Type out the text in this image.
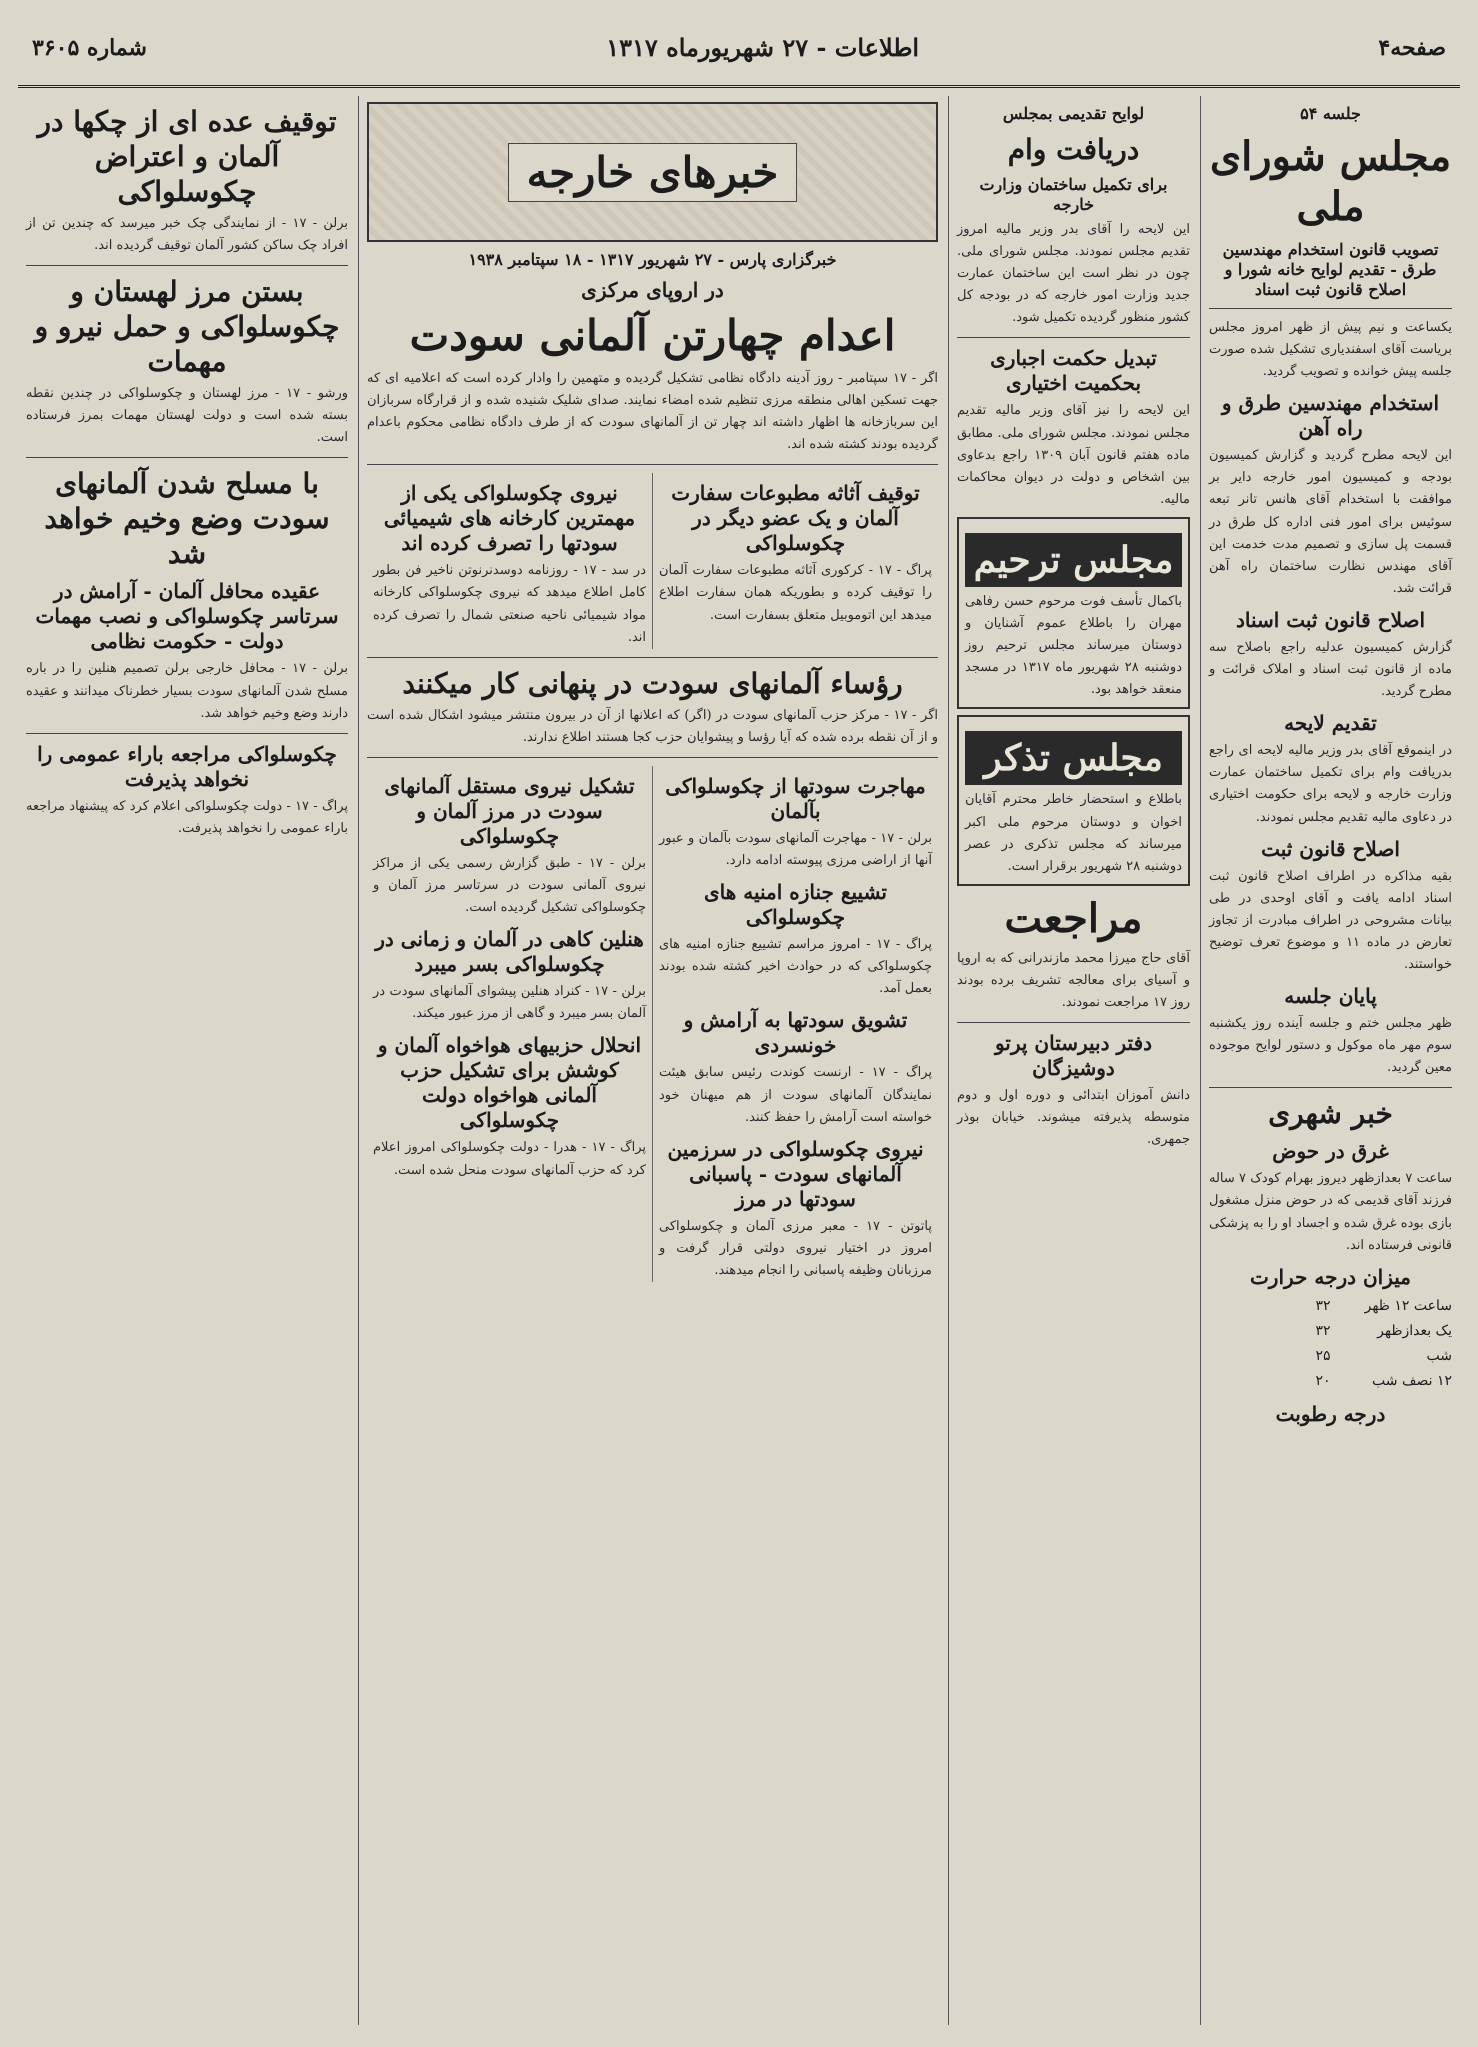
صفحه۴
اطلاعات - ۲۷ شهریورماه ۱۳۱۷
شماره ۳۶۰۵
جلسه ۵۴
مجلس شورای ملی
تصویب قانون استخدام مهندسین طرق - تقدیم لوایح خانه شورا و اصلاح قانون ثبت اسناد
یکساعت و نیم پیش از ظهر امروز مجلس بریاست آقای اسفندیاری تشکیل شده صورت جلسه پیش خوانده و تصویب گردید.
استخدام مهندسین طرق و راه آهن
این لایحه مطرح گردید و گزارش کمیسیون بودجه و کمیسیون امور خارجه دایر بر موافقت با استخدام آقای هانس تانر تبعه سوئیس برای امور فنی اداره کل طرق در قسمت پل سازی و تصمیم مدت خدمت این آقای مهندس نظارت ساختمان راه آهن قرائت شد.
اصلاح قانون ثبت اسناد
گزارش کمیسیون عدلیه راجع باصلاح سه ماده از قانون ثبت اسناد و املاک قرائت و مطرح گردید.
تقدیم لایحه
در اینموقع آقای بدر وزیر مالیه لایحه ای راجع بدریافت وام برای تکمیل ساختمان عمارت وزارت خارجه و لایحه برای حکومت اختیاری در دعاوی مالیه تقدیم مجلس نمودند.
اصلاح قانون ثبت
بقیه مذاکره در اطراف اصلاح قانون ثبت اسناد ادامه یافت و آقای اوحدی در طی بیانات مشروحی در اطراف مبادرت از تجاوز تعارض در ماده ۱۱ و موضوع تعرف توضیح خواستند.
پایان جلسه
ظهر مجلس ختم و جلسه آینده روز یکشنبه سوم مهر ماه موکول و دستور لوایح موجوده معین گردید.
خبر شهری
غرق در حوض
ساعت ۷ بعدازظهر دیروز بهرام کودک ۷ ساله فرزند آقای قدیمی که در حوض منزل مشغول بازی بوده غرق شده و اجساد او را به پزشکی قانونی فرستاده اند.
میزان درجه حرارت
ساعت ۱۲ ظهر
۳۲
یک بعدازظهر
۳۲
شب
۲۵
۱۲ نصف شب
۲۰
درجه رطوبت
لوایح تقدیمی بمجلس
دریافت وام
برای تکمیل ساختمان وزارت خارجه
این لایحه را آقای بدر وزیر مالیه امروز تقدیم مجلس نمودند. مجلس شورای ملی. چون در نظر است این ساختمان عمارت جدید وزارت امور خارجه که در بودجه کل کشور منظور گردیده تکمیل شود.
تبدیل حکمت اجباری بحکمیت اختیاری
این لایحه را نیز آقای وزیر مالیه تقدیم مجلس نمودند. مجلس شورای ملی. مطابق ماده هفتم قانون آبان ۱۳۰۹ راجع بدعاوی بین اشخاص و دولت در دیوان محاکمات مالیه.
مجلس ترحیم
باکمال تأسف فوت مرحوم حسن رفاهی مهران را باطلاع عموم آشنایان و دوستان میرساند مجلس ترحیم روز دوشنبه ۲۸ شهریور ماه ۱۳۱۷ در مسجد منعقد خواهد بود.
مجلس تذکر
باطلاع و استحضار خاطر محترم آقایان اخوان و دوستان مرحوم ملی اکبر میرساند که مجلس تذکری در عصر دوشنبه ۲۸ شهریور برقرار است.
مراجعت
آقای حاج میرزا محمد مازندرانی که به اروپا و آسیای برای معالجه تشریف برده بودند روز ۱۷ مراجعت نمودند.
دفتر دبیرستان پرتو دوشیزگان
دانش آموزان ابتدائی و دوره اول و دوم متوسطه پذیرفته میشوند. خیابان بوذر جمهری.
خبرهای خارجه
خبرگزاری پارس - ۲۷ شهریور ۱۳۱۷ - ۱۸ سپتامبر ۱۹۳۸
در اروپای مرکزی
اعدام چهارتن آلمانی سودت
اگر - ۱۷ سپتامبر - روز آدینه دادگاه نظامی تشکیل گردیده و متهمین را وادار کرده است که اعلامیه ای که جهت تسکین اهالی منطقه مرزی تنظیم شده امضاء نمایند. صدای شلیک شنیده شده و از قرارگاه سربازان این سربازخانه ها اظهار داشته اند چهار تن از آلمانهای سودت که از طرف دادگاه نظامی محکوم باعدام گردیده بودند کشته شده اند.
توقیف آثاثه مطبوعات سفارت آلمان و یک عضو دیگر در چکوسلواکی
پراگ - ۱۷ - کرکوری آثاثه مطبوعات سفارت آلمان را توقیف کرده و بطوریکه همان سفارت اطلاع میدهد این اتوموبیل متعلق بسفارت است.
نیروی چکوسلواکی یکی از مهمترین کارخانه های شیمیائی سودتها را تصرف کرده اند
در سد - ۱۷ - روزنامه دوسدنرنوتن ناخیر فن بطور کامل اطلاع میدهد که نیروی چکوسلواکی کارخانه مواد شیمیائی ناحیه صنعتی شمال را تصرف کرده اند.
رؤساء آلمانهای سودت در پنهانی کار میکنند
اگر - ۱۷ - مرکز حزب آلمانهای سودت در (اگر) که اعلانها از آن در بیرون منتشر میشود اشکال شده است و از آن نقطه برده شده که آیا رؤسا و پیشوایان حزب کجا هستند اطلاع ندارند.
مهاجرت سودتها از چکوسلواکی بآلمان
برلن - ۱۷ - مهاجرت آلمانهای سودت بآلمان و عبور آنها از اراضی مرزی پیوسته ادامه دارد.
تشییع جنازه امنیه های چکوسلواکی
پراگ - ۱۷ - امروز مراسم تشییع جنازه امنیه های چکوسلواکی که در حوادث اخیر کشته شده بودند بعمل آمد.
تشویق سودتها به آرامش و خونسردی
پراگ - ۱۷ - ارنست کوندت رئیس سابق هیئت نمایندگان آلمانهای سودت از هم میهنان خود خواسته است آرامش را حفظ کنند.
نیروی چکوسلواکی در سرزمین آلمانهای سودت - پاسبانی سودتها در مرز
پاتوتن - ۱۷ - معبر مرزی آلمان و چکوسلواکی امروز در اختیار نیروی دولتی قرار گرفت و مرزبانان وظیفه پاسبانی را انجام میدهند.
تشکیل نیروی مستقل آلمانهای سودت در مرز آلمان و چکوسلواکی
برلن - ۱۷ - طبق گزارش رسمی یکی از مراکز نیروی آلمانی سودت در سرتاسر مرز آلمان و چکوسلواکی تشکیل گردیده است.
هنلین کاهی در آلمان و زمانی در چکوسلواکی بسر میبرد
برلن - ۱۷ - کنراد هنلین پیشوای آلمانهای سودت در آلمان بسر میبرد و گاهی از مرز عبور میکند.
انحلال حزبیهای هواخواه آلمان و کوشش برای تشکیل حزب آلمانی هواخواه دولت چکوسلواکی
پراگ - ۱۷ - هدرا - دولت چکوسلواکی امروز اعلام کرد که حزب آلمانهای سودت منحل شده است.
توقیف عده ای از چکها در آلمان و اعتراض چکوسلواکی
برلن - ۱۷ - از نمایندگی چک خبر میرسد که چندین تن از افراد چک ساکن کشور آلمان توقیف گردیده اند.
بستن مرز لهستان و چکوسلواکی و حمل نیرو و مهمات
ورشو - ۱۷ - مرز لهستان و چکوسلواکی در چندین نقطه بسته شده است و دولت لهستان مهمات بمرز فرستاده است.
با مسلح شدن آلمانهای سودت وضع وخیم خواهد شد
عقیده محافل آلمان - آرامش در سرتاسر چکوسلواکی و نصب مهمات دولت - حکومت نظامی
برلن - ۱۷ - محافل خارجی برلن تصمیم هنلین را در باره مسلح شدن آلمانهای سودت بسیار خطرناک میدانند و عقیده دارند وضع وخیم خواهد شد.
چکوسلواکی مراجعه باراء عمومی را نخواهد پذیرفت
پراگ - ۱۷ - دولت چکوسلواکی اعلام کرد که پیشنهاد مراجعه باراء عمومی را نخواهد پذیرفت.
